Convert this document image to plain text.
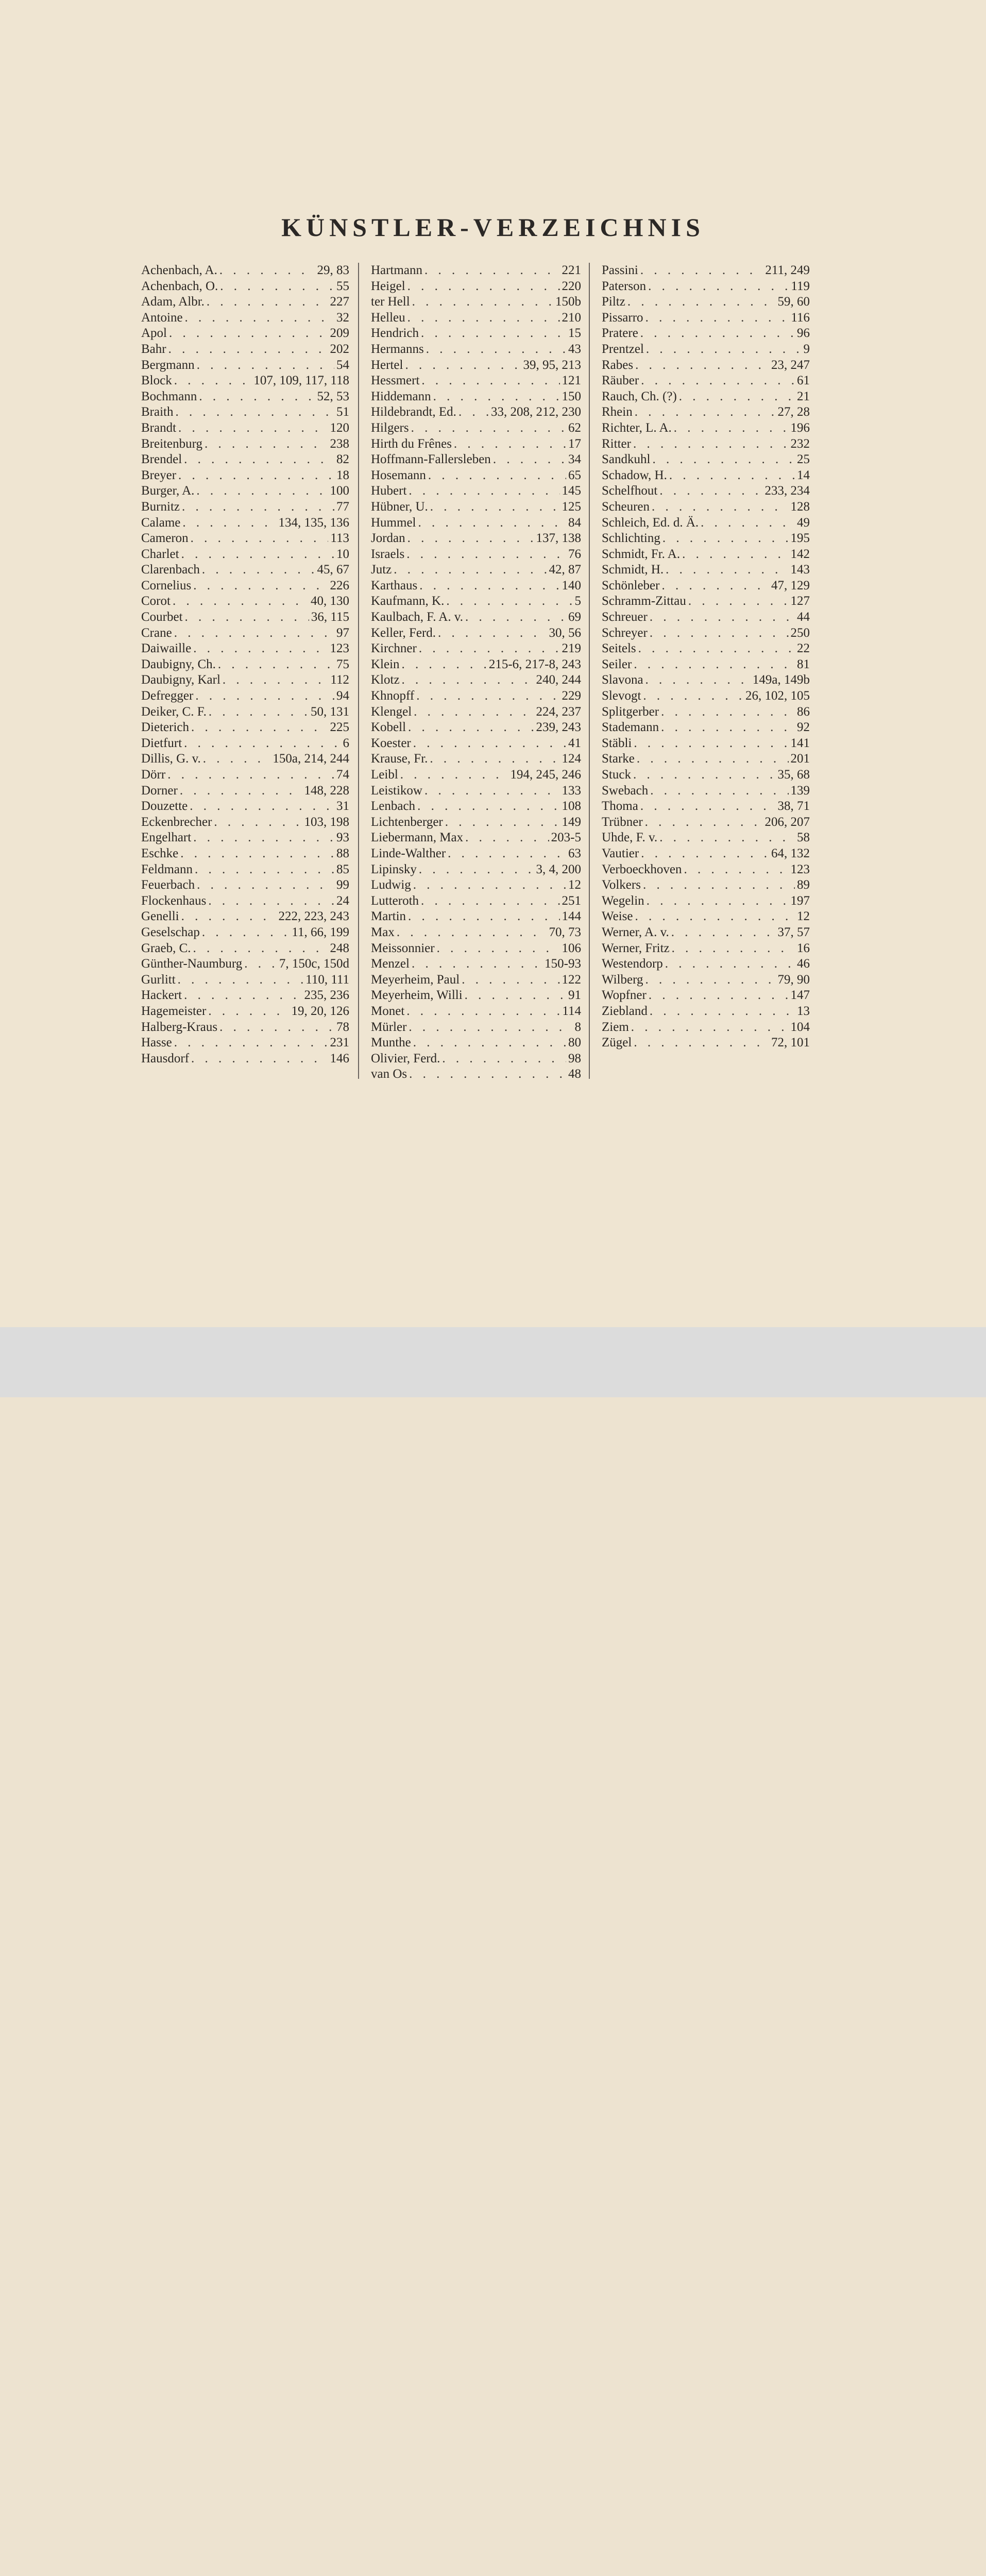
KÜNSTLER-VERZEICHNIS
Achenbach, A. . . .	29, 83
Achenbach, O. . . .	55
Adam, Albr. . . .	227
Antoine . . .	32
Apol . . .	209
Bahr . . .	202
Bergmann . . .	54
Block . . .	107, 109, 117, 118
Bochmann . . .	52, 53
Braith . . .	51
Brandt . . .	120
Breitenburg . . .	238
Brendel . . .	82
Breyer . . .	18
Burger, A. . . .	100
Burnitz . . .	77
Calame . . .	134, 135, 136
Cameron . . .	113
Charlet . . .	10
Clarenbach . . .	45, 67
Cornelius . . .	226
Corot . . .	40, 130
Courbet . . .	36, 115
Crane . . .	97
Daiwaille . . .	123
Daubigny, Ch. . . .	75
Daubigny, Karl . . .	112
Defregger . . .	94
Deiker, C. F. . . .	50, 131
Dieterich . . .	225
Dietfurt . . .	6
Dillis, G. v. . . .	150a, 214, 244
Dörr . . .	74
Dorner . . .	148, 228
Douzette . . .	31
Eckenbrecher . . .	103, 198
Engelhart . . .	93
Eschke . . .	88
Feldmann . . .	85
Feuerbach . . .	99
Flockenhaus . . .	24
Genelli . . .	222, 223, 243
Geselschap . . .	11, 66, 199
Graeb, C. . . .	248
Günther-Naumburg . . .	7, 150c, 150d
Gurlitt . . .	110, 111
Hackert . . .	235, 236
Hagemeister . . .	19, 20, 126
Halberg-Kraus . . .	78
Hasse . . .	231
Hausdorf . . .	146
Hartmann . . .	221
Heigel . . .	220
ter Hell . . .	150b
Helleu . . .	210
Hendrich . . .	15
Hermanns . . .	43
Hertel . . .	39, 95, 213
Hessmert . . .	121
Hiddemann . . .	150
Hildebrandt, Ed. . . .	33, 208, 212, 230
Hilgers . . .	62
Hirth du Frênes . . .	17
Hoffmann-Fallersleben . . .	34
Hosemann . . .	65
Hubert . . .	145
Hübner, U. . . .	125
Hummel . . .	84
Jordan . . .	137, 138
Israels . . .	76
Jutz . . .	42, 87
Karthaus . . .	140
Kaufmann, K. . . .	5
Kaulbach, F. A. v. . . .	69
Keller, Ferd. . . .	30, 56
Kirchner . . .	219
Klein . . .	215-6, 217-8, 243
Klotz . . .	240, 244
Khnopff . . .	229
Klengel . . .	224, 237
Kobell . . .	239, 243
Koester . . .	41
Krause, Fr. . . .	124
Leibl . . .	194, 245, 246
Leistikow . . .	133
Lenbach . . .	108
Lichtenberger . . .	149
Liebermann, Max . . .	203-5
Linde-Walther . . .	63
Lipinsky . . .	3, 4, 200
Ludwig . . .	12
Lutteroth . . .	251
Martin . . .	144
Max . . .	70, 73
Meissonnier . . .	106
Menzel . . .	150-93
Meyerheim, Paul . . .	122
Meyerheim, Willi . . .	91
Monet . . .	114
Mürler . . .	8
Munthe . . .	80
Olivier, Ferd. . . .	98
van Os . . .	48
Passini . . .	211, 249
Paterson . . .	119
Piltz . . .	59, 60
Pissarro . . .	116
Pratere . . .	96
Prentzel . . .	9
Rabes . . .	23, 247
Räuber . . .	61
Rauch, Ch. (?) . . .	21
Rhein . . .	27, 28
Richter, L. A. . . .	196
Ritter . . .	232
Sandkuhl . . .	25
Schadow, H. . . .	14
Schelfhout . . .	233, 234
Scheuren . . .	128
Schleich, Ed. d. Ä. . . .	49
Schlichting . . .	195
Schmidt, Fr. A. . . .	142
Schmidt, H. . . .	143
Schönleber . . .	47, 129
Schramm-Zittau . . .	127
Schreuer . . .	44
Schreyer . . .	250
Seitels . . .	22
Seiler . . .	81
Slavona . . .	149a, 149b
Slevogt . . .	26, 102, 105
Splitgerber . . .	86
Stademann . . .	92
Stäbli . . .	141
Starke . . .	201
Stuck . . .	35, 68
Swebach . . .	139
Thoma . . .	38, 71
Trübner . . .	206, 207
Uhde, F. v. . . .	58
Vautier . . .	64, 132
Verboeckhoven . . .	123
Volkers . . .	89
Wegelin . . .	197
Weise . . .	12
Werner, A. v. . . .	37, 57
Werner, Fritz . . .	16
Westendorp . . .	46
Wilberg . . .	79, 90
Wopfner . . .	147
Ziebland . . .	13
Ziem . . .	104
Zügel . . .	72, 101
